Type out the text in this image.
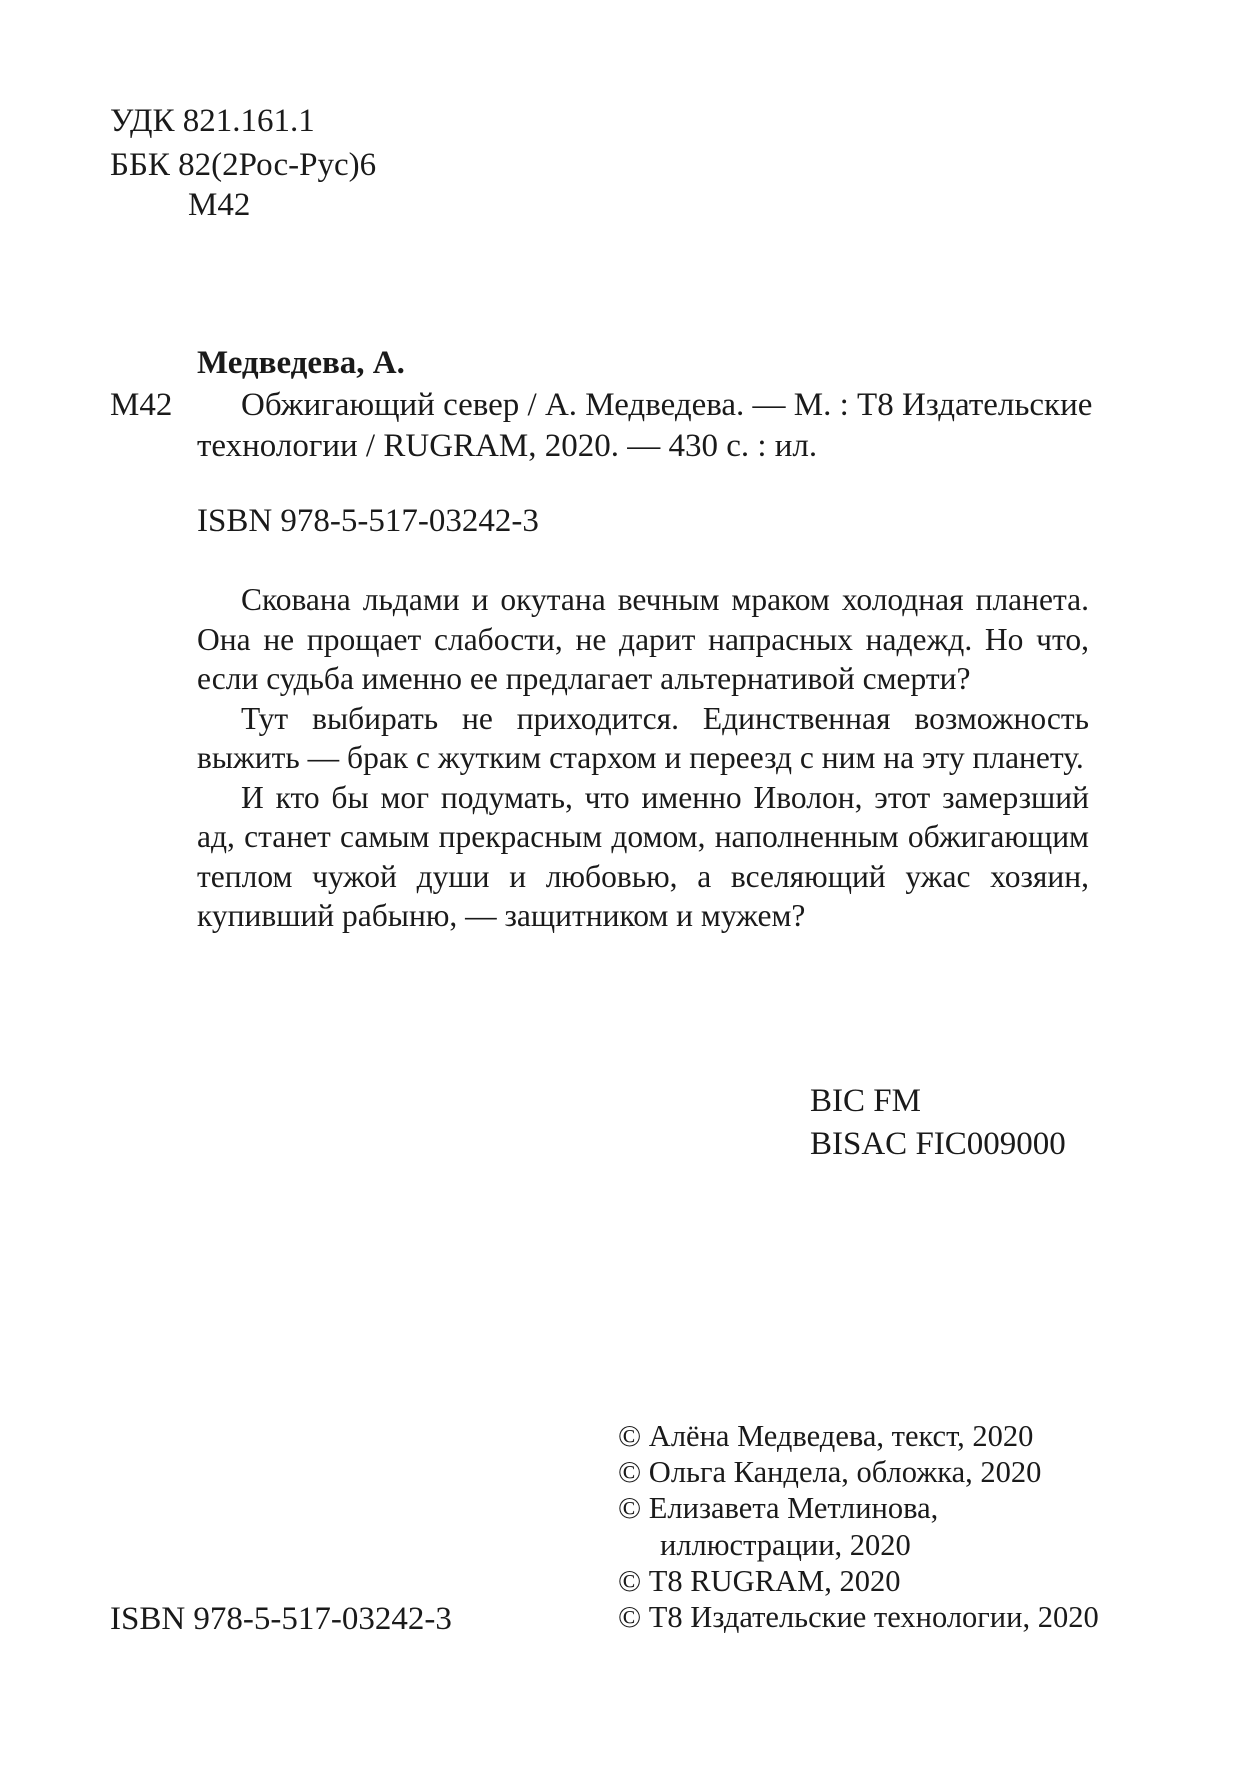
УДК 821.161.1

ББК 82(2Рос-Рус)6

М42

Медведева, А.

М42 Обжигающий север / А. Медведева. — М. : Т8 Издательские

технологии / RUGRAM, 2020. — 430 с. : ил.

ISBN 978-5-517-03242-3

Скована льдами и окутана вечным мраком холодная планета. Она не прощает слабости, не дарит напрасных надежд. Но что, если судьба именно ее предлагает альтернативой смерти?

Тут выбирать не приходится. Единственная возможность выжить — брак с жутким стархом и переезд с ним на эту планету.

И кто бы мог подумать, что именно Иволон, этот замерзший ад, станет самым прекрасным домом, наполненным обжигающим теплом чужой души и любовью, а вселяющий ужас хозяин, купивший рабыню, — защитником и мужем?

BIC FM

BISAC FIC009000

© Алёна Медведева, текст, 2020
© Ольга Кандела, обложка, 2020
© Елизавета Метлинова,
иллюстрации, 2020
© Т8 RUGRAM, 2020
© Т8 Издательские технологии, 2020

ISBN 978-5-517-03242-3
